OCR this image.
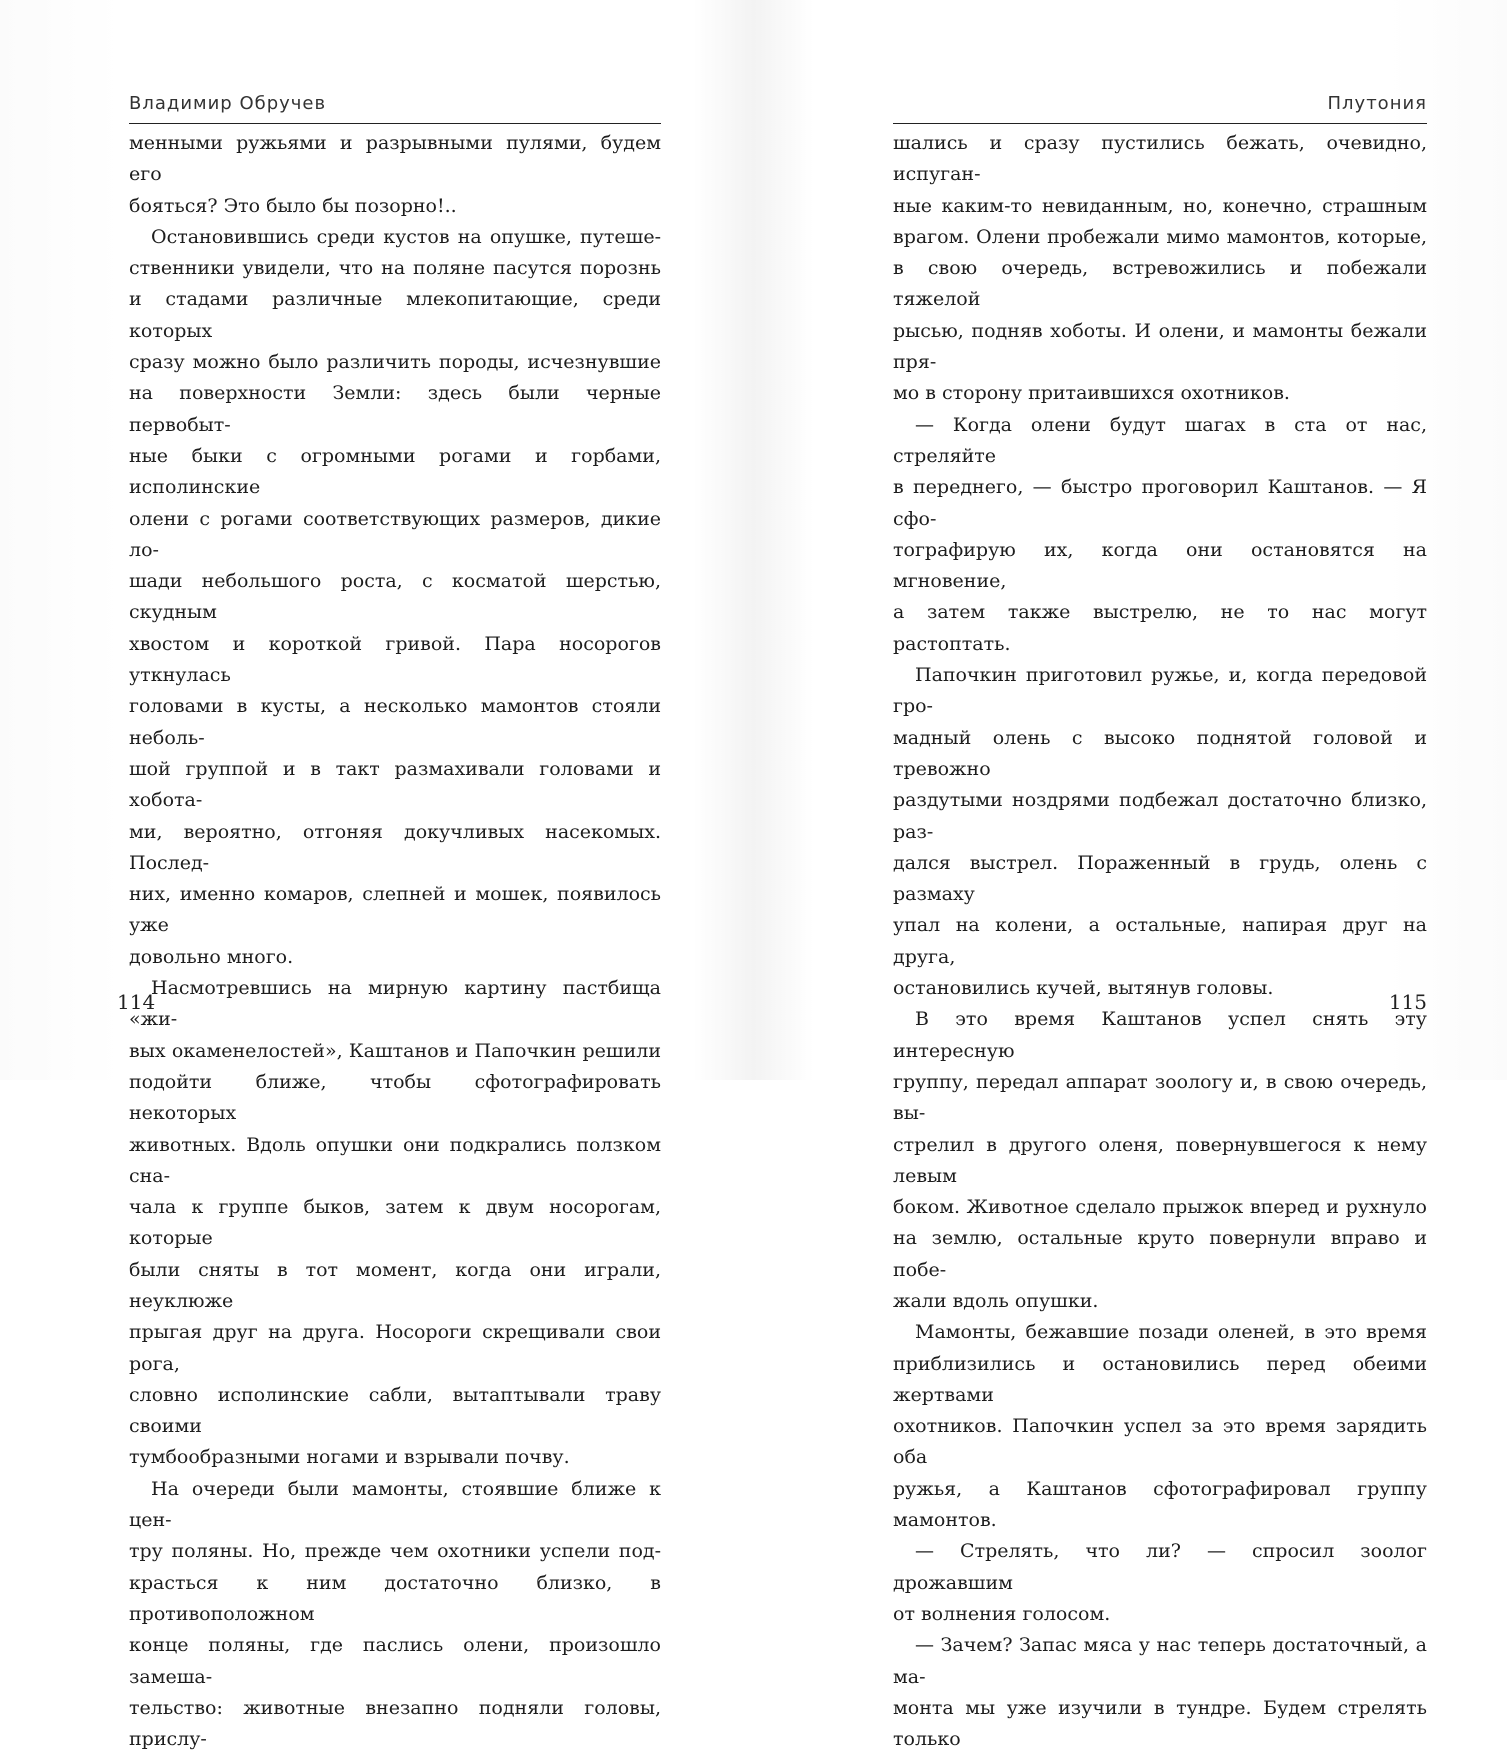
Владимир Обручев

менными ружьями и разрывными пулями, будем его

бояться? Это было бы позорно!..

Остановившись среди кустов на опушке, путеше-

ственники увидели, что на поляне пасутся порознь

и стадами различные млекопитающие, среди которых

сразу можно было различить породы, исчезнувшие

на поверхности Земли: здесь были черные первобыт-

ные быки с огромными рогами и горбами, исполинские

олени с рогами соответствующих размеров, дикие ло-

шади небольшого роста, с косматой шерстью, скудным

хвостом и короткой гривой. Пара носорогов уткнулась

головами в кусты, а несколько мамонтов стояли неболь-

шой группой и в такт размахивали головами и хобота-

ми, вероятно, отгоняя докучливых насекомых. Послед-

них, именно комаров, слепней и мошек, появилось уже

довольно много.

Насмотревшись на мирную картину пастбища «жи-

вых окаменелостей», Каштанов и Папочкин решили

подойти ближе, чтобы сфотографировать некоторых

животных. Вдоль опушки они подкрались ползком сна-

чала к группе быков, затем к двум носорогам, которые

были сняты в тот момент, когда они играли, неуклюже

прыгая друг на друга. Носороги скрещивали свои рога,

словно исполинские сабли, вытаптывали траву своими

тумбообразными ногами и взрывали почву.

На очереди были мамонты, стоявшие ближе к цен-

тру поляны. Но, прежде чем охотники успели под-

красться к ним достаточно близко, в противоположном

конце поляны, где паслись олени, произошло замеша-

тельство: животные внезапно подняли головы, прислу-

114
Плутония

шались и сразу пустились бежать, очевидно, испуган-

ные каким-то невиданным, но, конечно, страшным

врагом. Олени пробежали мимо мамонтов, которые,

в свою очередь, встревожились и побежали тяжелой

рысью, подняв хоботы. И олени, и мамонты бежали пря-

мо в сторону притаившихся охотников.

— Когда олени будут шагах в ста от нас, стреляйте

в переднего, — быстро проговорил Каштанов. — Я сфо-

тографирую их, когда они остановятся на мгновение,

а затем также выстрелю, не то нас могут растоптать.

Папочкин приготовил ружье, и, когда передовой гро-

мадный олень с высоко поднятой головой и тревожно

раздутыми ноздрями подбежал достаточно близко, раз-

дался выстрел. Пораженный в грудь, олень с размаху

упал на колени, а остальные, напирая друг на друга,

остановились кучей, вытянув головы.

В это время Каштанов успел снять эту интересную

группу, передал аппарат зоологу и, в свою очередь, вы-

стрелил в другого оленя, повернувшегося к нему левым

боком. Животное сделало прыжок вперед и рухнуло

на землю, остальные круто повернули вправо и побе-

жали вдоль опушки.

Мамонты, бежавшие позади оленей, в это время

приблизились и остановились перед обеими жертвами

охотников. Папочкин успел за это время зарядить оба

ружья, а Каштанов сфотографировал группу мамонтов.

— Стрелять, что ли? — спросил зоолог дрожавшим

от волнения голосом.

— Зачем? Запас мяса у нас теперь достаточный, а ма-

монта мы уже изучили в тундре. Будем стрелять только

115
